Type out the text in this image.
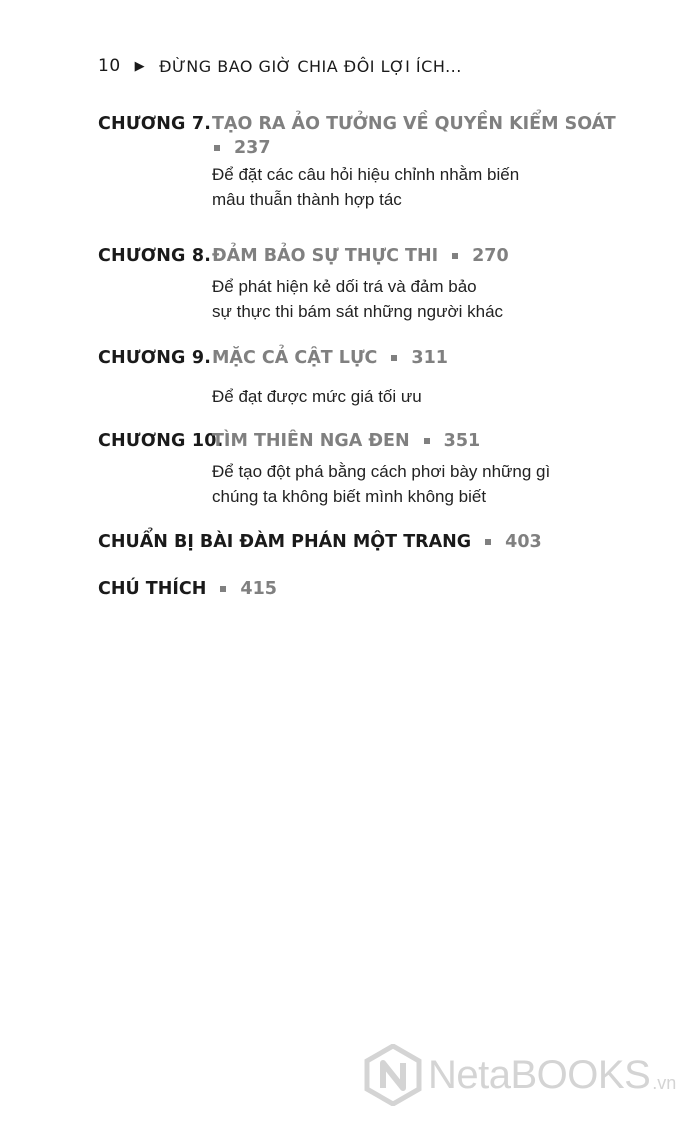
10 ▶ ĐỪNG BAO GIỜ CHIA ĐÔI LỢI ÍCH...
CHƯƠNG 7. TẠO RA ẢO TƯỞNG VỀ QUYỀN KIỂM SOÁT
237
Để đặt các câu hỏi hiệu chỉnh nhằm biến
mâu thuẫn thành hợp tác
CHƯƠNG 8. ĐẢM BẢO SỰ THỰC THI 270
Để phát hiện kẻ dối trá và đảm bảo
sự thực thi bám sát những người khác
CHƯƠNG 9. MẶC CẢ CẬT LỰC 311
Để đạt được mức giá tối ưu
CHƯƠNG 10.
TÌM THIÊN NGA ĐEN 351
Để tạo đột phá bằng cách phơi bày những gì
chúng ta không biết mình không biết
CHUẨN BỊ BÀI ĐÀM PHÁN MỘT TRANG 403
CHÚ THÍCH 415
NetaBOOKS .vn
